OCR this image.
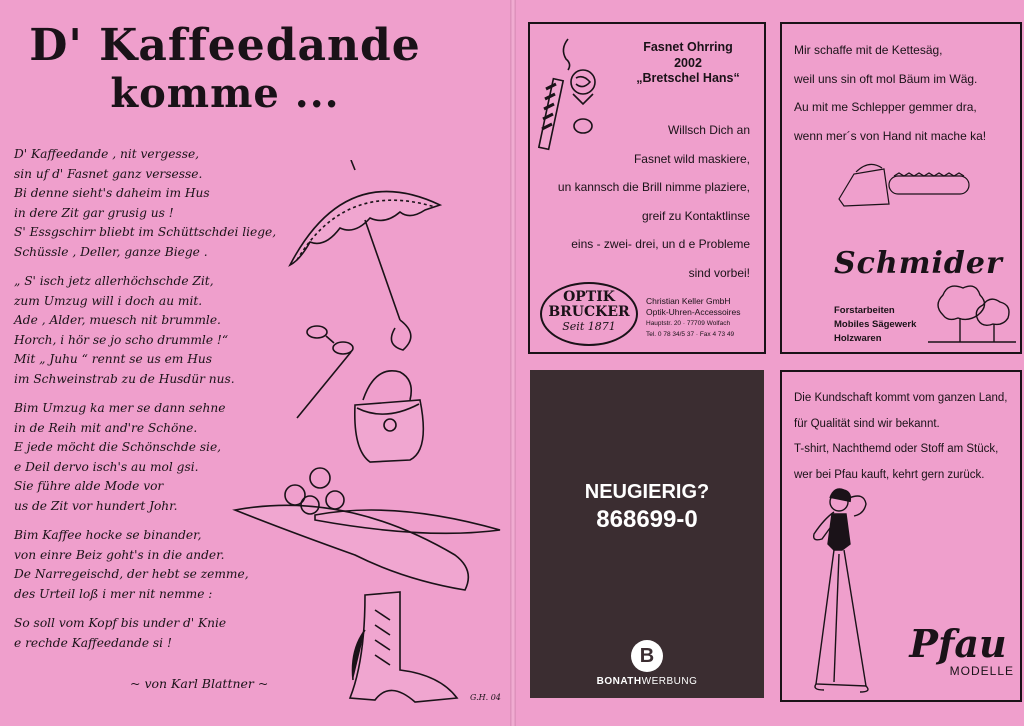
D' Kaffeedande
komme ...
D' Kaffeedande , nit vergesse,
sin uf d' Fasnet ganz versesse.
Bi denne sieht's daheim im Hus
in dere Zit gar grusig us !
S' Essgschirr bliebt im Schüttschdei liege,
Schüssle , Deller, ganze Biege .
„ S' isch jetz allerhöchschde Zit,
zum Umzug will i doch au mit.
Ade , Alder, muesch nit brummle.
Horch, i hör se jo scho drummle !“
Mit „ Juhu “ rennt se us em Hus
im Schweinstrab zu de Husdür nus.
Bim Umzug ka mer se dann sehne
in de Reih mit and're Schöne.
E jede möcht die Schönschde sie,
e Deil dervo isch's au mol gsi.
Sie führe alde Mode vor
us de Zit vor hundert Johr.
Bim Kaffee hocke se binander,
von einre Beiz goht's in die ander.
De Narregeischd, der hebt se zemme,
des Urteil loß i mer nit nemme :
So soll vom Kopf bis under d' Knie
e rechde Kaffeedande si !
~ von Karl Blattner ~
G.H. 04
Fasnet Ohrring
2002
„Bretschel Hans“
Willsch Dich an
Fasnet wild maskiere,
un kannsch die Brill nimme plaziere,
greif zu Kontaktlinse
eins - zwei- drei, un d e Probleme
sind vorbei!
OPTIK
BRUCKER
Seit 1871
Christian Keller GmbH
Optik-Uhren-Accessoires
Hauptstr. 20 · 77709 Wolfach
Tel. 0 78 34/5 37 · Fax 4 73 49
Mir schaffe mit de Kettesäg,
weil uns sin oft mol Bäum im Wäg.
Au mit me Schlepper gemmer dra,
wenn mer´s von Hand nit mache ka!
Schmider
Forstarbeiten
Mobiles Sägewerk
Holzwaren
NEUGIERIG?
868699-0
B
BONATHWERBUNG
Die Kundschaft kommt vom ganzen Land,
für Qualität sind wir bekannt.
T-shirt, Nachthemd oder Stoff am Stück,
wer bei Pfau kauft, kehrt gern zurück.
Pfau
MODELLE
